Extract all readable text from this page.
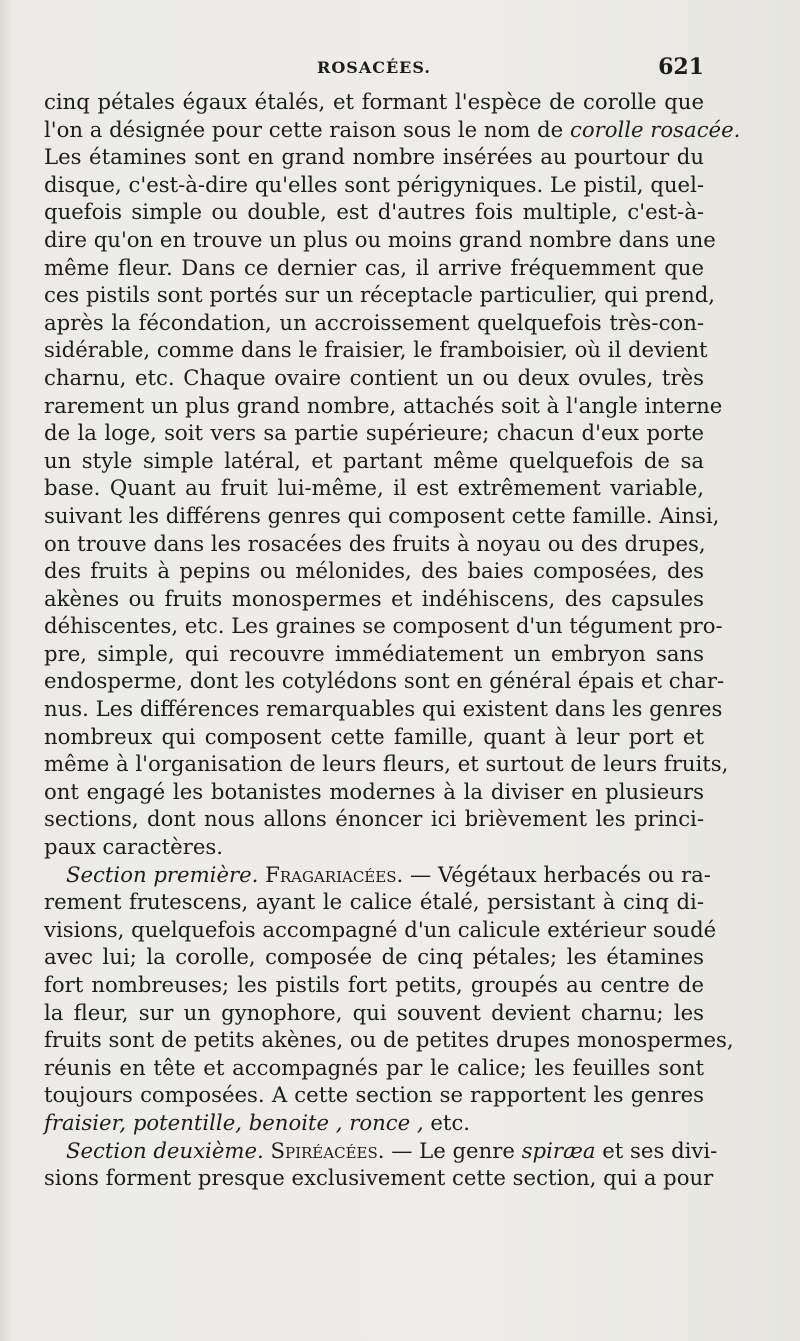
ROSACÉES.	621
cinq pétales égaux étalés, et formant l'espèce de corolle que
l'on a désignée pour cette raison sous le nom de corolle rosacée.
Les étamines sont en grand nombre insérées au pourtour du
disque, c'est-à-dire qu'elles sont périgyniques. Le pistil, quel-
quefois simple ou double, est d'autres fois multiple, c'est-à-
dire qu'on en trouve un plus ou moins grand nombre dans une
même fleur. Dans ce dernier cas, il arrive fréquemment que
ces pistils sont portés sur un réceptacle particulier, qui prend,
après la fécondation, un accroissement quelquefois très-con-
sidérable, comme dans le fraisier, le framboisier, où il devient
charnu, etc. Chaque ovaire contient un ou deux ovules, très
rarement un plus grand nombre, attachés soit à l'angle interne
de la loge, soit vers sa partie supérieure; chacun d'eux porte
un style simple latéral, et partant même quelquefois de sa
base. Quant au fruit lui-même, il est extrêmement variable,
suivant les différens genres qui composent cette famille. Ainsi,
on trouve dans les rosacées des fruits à noyau ou des drupes,
des fruits à pepins ou mélonides, des baies composées, des
akènes ou fruits monospermes et indéhiscens, des capsules
déhiscentes, etc. Les graines se composent d'un tégument pro-
pre, simple, qui recouvre immédiatement un embryon sans
endosperme, dont les cotylédons sont en général épais et char-
nus. Les différences remarquables qui existent dans les genres
nombreux qui composent cette famille, quant à leur port et
même à l'organisation de leurs fleurs, et surtout de leurs fruits,
ont engagé les botanistes modernes à la diviser en plusieurs
sections, dont nous allons énoncer ici brièvement les princi-
paux caractères.
Section première. Fragariacées. — Végétaux herbacés ou ra-
rement frutescens, ayant le calice étalé, persistant à cinq di-
visions, quelquefois accompagné d'un calicule extérieur soudé
avec lui; la corolle, composée de cinq pétales; les étamines
fort nombreuses; les pistils fort petits, groupés au centre de
la fleur, sur un gynophore, qui souvent devient charnu; les
fruits sont de petits akènes, ou de petites drupes monospermes,
réunis en tête et accompagnés par le calice; les feuilles sont
toujours composées. A cette section se rapportent les genres
fraisier, potentille, benoite , ronce , etc.
Section deuxième. Spiréacées. — Le genre spiræa et ses divi-
sions forment presque exclusivement cette section, qui a pour
